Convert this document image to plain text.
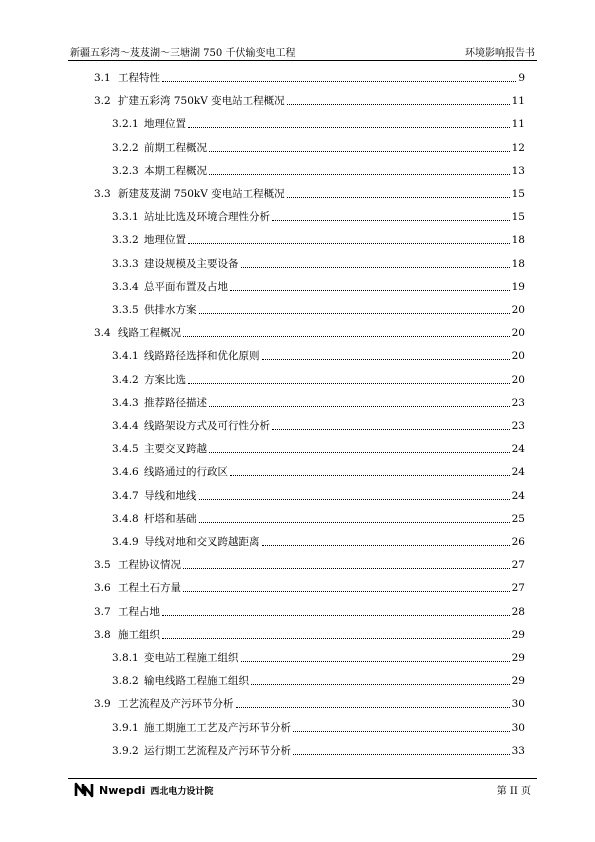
新疆五彩湾～芨芨湖～三塘湖 750 千伏输变电工程	环境影响报告书
3.1 工程特性	9
3.2 扩建五彩湾 750kV 变电站工程概况	11
3.2.1 地理位置	11
3.2.2 前期工程概况	12
3.2.3 本期工程概况	13
3.3 新建芨芨湖 750kV 变电站工程概况	15
3.3.1 站址比选及环境合理性分析	15
3.3.2 地理位置	18
3.3.3 建设规模及主要设备	18
3.3.4 总平面布置及占地	19
3.3.5 供排水方案	20
3.4 线路工程概况	20
3.4.1 线路路径选择和优化原则	20
3.4.2 方案比选	20
3.4.3 推荐路径描述	23
3.4.4 线路架设方式及可行性分析	23
3.4.5 主要交叉跨越	24
3.4.6 线路通过的行政区	24
3.4.7 导线和地线	24
3.4.8 杆塔和基础	25
3.4.9 导线对地和交叉跨越距离	26
3.5 工程协议情况	27
3.6 工程土石方量	27
3.7 工程占地	28
3.8 施工组织	29
3.8.1 变电站工程施工组织	29
3.8.2 输电线路工程施工组织	29
3.9 工艺流程及产污环节分析	30
3.9.1 施工期施工工艺及产污环节分析	30
3.9.2 运行期工艺流程及产污环节分析	33
Nwepdi 西北电力设计院	第 II 页
